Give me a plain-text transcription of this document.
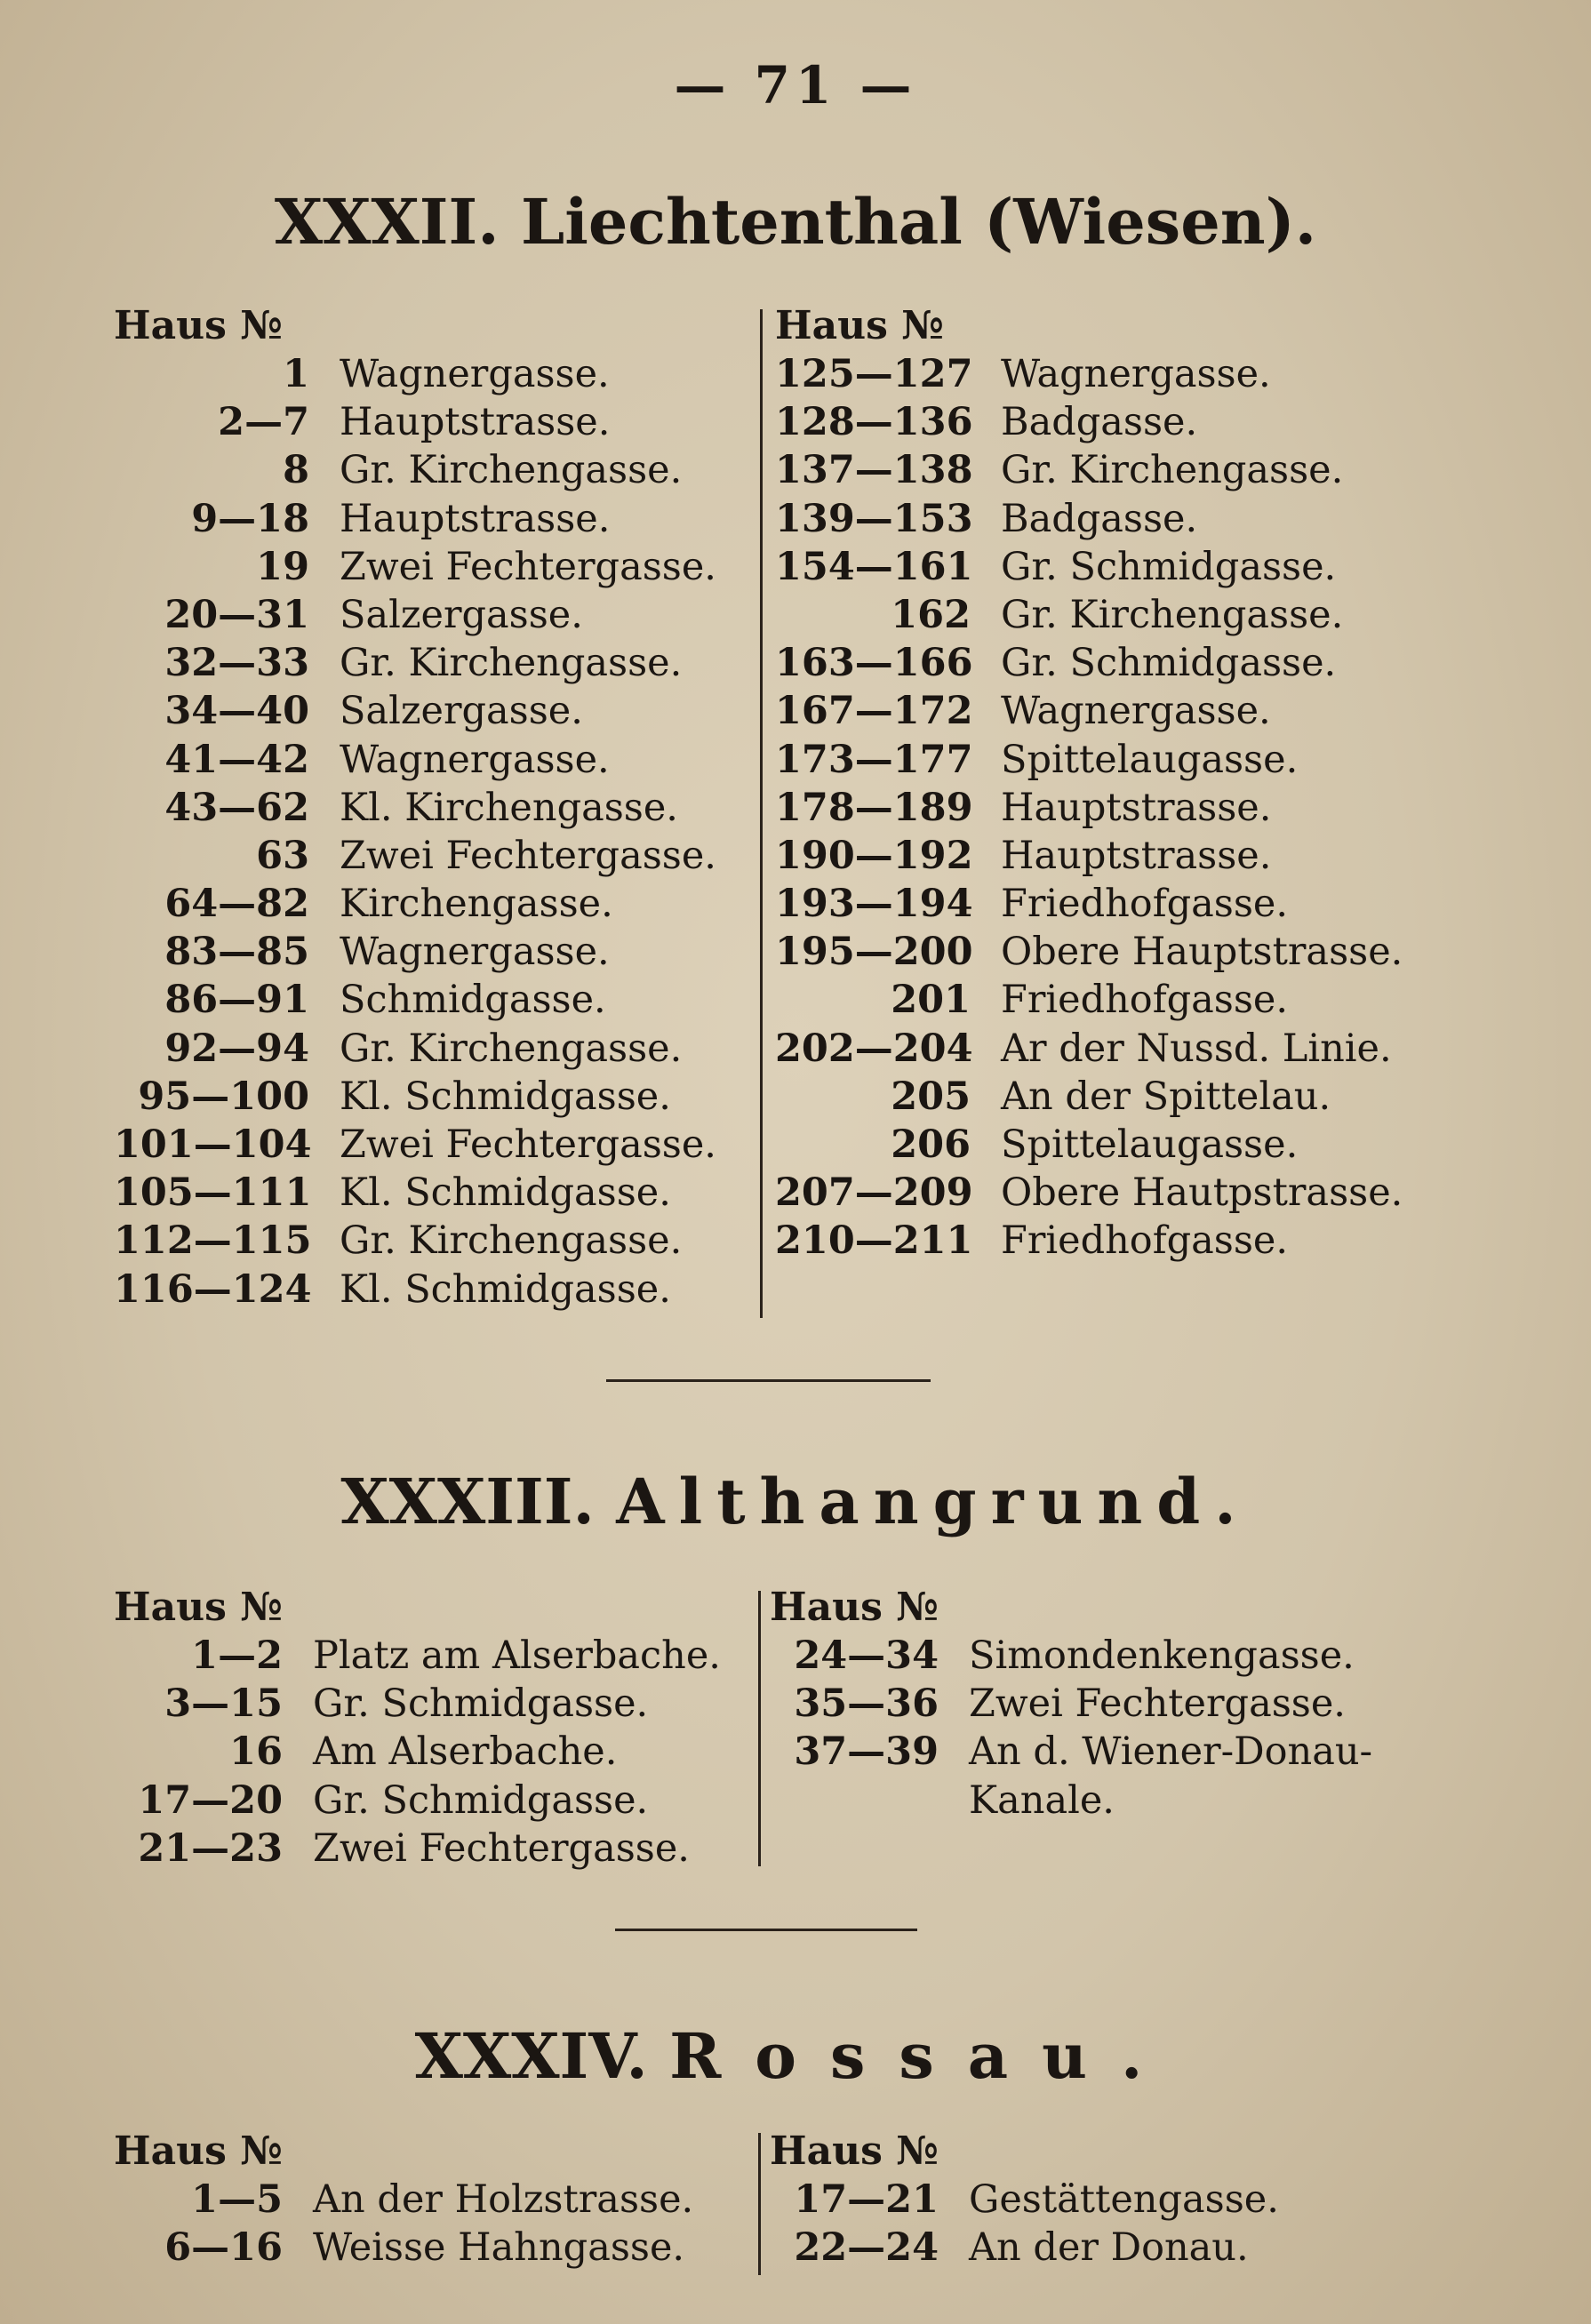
— 71 —
XXXII. Liechtenthal (Wiesen).
Haus №
1 Wagnergasse.
2—7 Hauptstrasse.
8 Gr. Kirchengasse.
9—18 Hauptstrasse.
19 Zwei Fechtergasse.
20—31 Salzergasse.
32—33 Gr. Kirchengasse.
34—40 Salzergasse.
41—42 Wagnergasse.
43—62 Kl. Kirchengasse.
63 Zwei Fechtergasse.
64—82 Kirchengasse.
83—85 Wagnergasse.
86—91 Schmidgasse.
92—94 Gr. Kirchengasse.
95—100 Kl. Schmidgasse.
101—104 Zwei Fechtergasse.
105—111 Kl. Schmidgasse.
112—115 Gr. Kirchengasse.
116—124 Kl. Schmidgasse.
Haus №
125—127 Wagnergasse.
128—136 Badgasse.
137—138 Gr. Kirchengasse.
139—153 Badgasse.
154—161 Gr. Schmidgasse.
162 Gr. Kirchengasse.
163—166 Gr. Schmidgasse.
167—172 Wagnergasse.
173—177 Spittelaugasse.
178—189 Hauptstrasse.
190—192 Hauptstrasse.
193—194 Friedhofgasse.
195—200 Obere Hauptstrasse.
201 Friedhofgasse.
202—204 Ar der Nussd. Linie.
205 An der Spittelau.
206 Spittelaugasse.
207—209 Obere Hautpstrasse.
210—211 Friedhofgasse.
XXXIII. Althangrund.
Haus №
1—2 Platz am Alserbache.
3—15 Gr. Schmidgasse.
16 Am Alserbache.
17—20 Gr. Schmidgasse.
21—23 Zwei Fechtergasse.
Haus №
24—34 Simondenkengasse.
35—36 Zwei Fechtergasse.
37—39 An d. Wiener-Donau-
Kanale.
XXXIV. Rossau.
Haus №
1—5 An der Holzstrasse.
6—16 Weisse Hahngasse.
Haus №
17—21 Gestättengasse.
22—24 An der Donau.
